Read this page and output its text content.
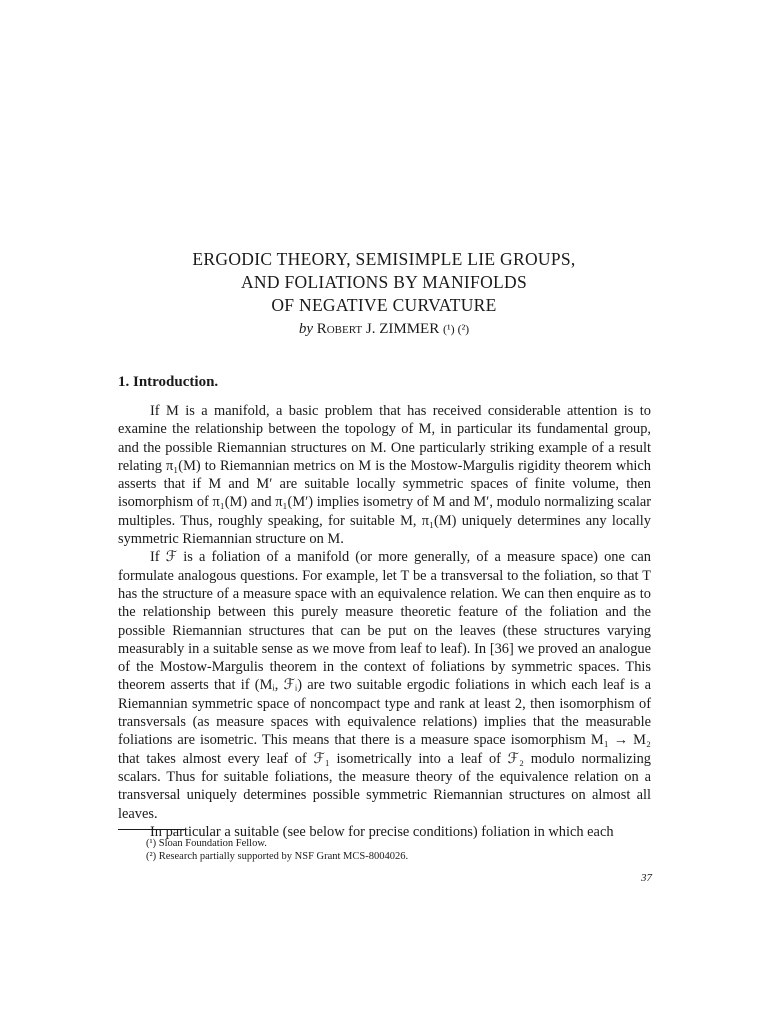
ERGODIC THEORY, SEMISIMPLE LIE GROUPS,
AND FOLIATIONS BY MANIFOLDS
OF NEGATIVE CURVATURE
by Robert J. ZIMMER (¹) (²)
1. Introduction.

If M is a manifold, a basic problem that has received considerable attention is to examine the relationship between the topology of M, in particular its fundamental group, and the possible Riemannian structures on M. One particularly striking example of a result relating π₁(M) to Riemannian metrics on M is the Mostow-Margulis rigidity theorem which asserts that if M and M′ are suitable locally symmetric spaces of finite volume, then isomorphism of π₁(M) and π₁(M′) implies isometry of M and M′, modulo normalizing scalar multiples. Thus, roughly speaking, for suitable M, π₁(M) uniquely determines any locally symmetric Riemannian structure on M.

If ℱ is a foliation of a manifold (or more generally, of a measure space) one can formulate analogous questions. For example, let T be a transversal to the foliation, so that T has the structure of a measure space with an equivalence relation. We can then enquire as to the relationship between this purely measure theoretic feature of the foliation and the possible Riemannian structures that can be put on the leaves (these structures varying measurably in a suitable sense as we move from leaf to leaf). In [36] we proved an analogue of the Mostow-Margulis theorem in the context of foliations by symmetric spaces. This theorem asserts that if (Mᵢ, ℱᵢ) are two suitable ergodic foliations in which each leaf is a Riemannian symmetric space of noncompact type and rank at least 2, then isomorphism of transversals (as measure spaces with equivalence relations) implies that the measurable foliations are isometric. This means that there is a measure space isomorphism M₁ → M₂ that takes almost every leaf of ℱ₁ isometrically into a leaf of ℱ₂ modulo normalizing scalars. Thus for suitable foliations, the measure theory of the equivalence relation on a transversal uniquely determines possible symmetric Riemannian structures on almost all leaves.

In particular a suitable (see below for precise conditions) foliation in which each

(¹) Sloan Foundation Fellow.
(²) Research partially supported by NSF Grant MCS-8004026.
37
